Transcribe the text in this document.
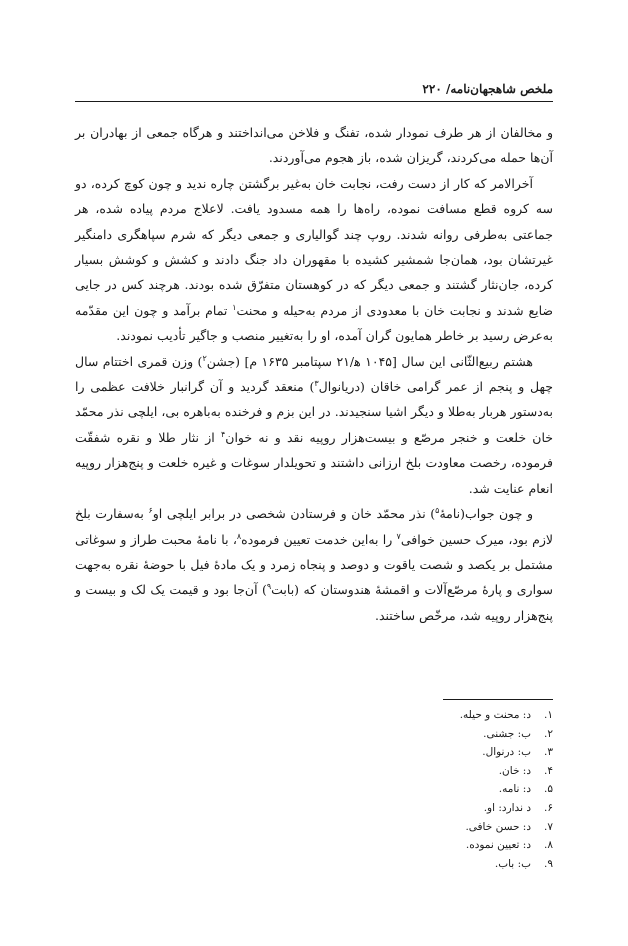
ملخص شاهجهان‌نامه/ ۲۲۰

و مخالفان از هر طرف نمودار شده، تفنگ و فلاخن می‌انداختند و هرگاه جمعی از بهادران بر آن‌ها حمله می‌کردند، گریزان شده، باز هجوم می‌آوردند.

آخرالامر که کار از دست رفت، نجابت خان به‌غیر برگشتن چاره ندید و چون کوچ کرده، دو سه کروه قطع مسافت نموده، راه‌ها را همه مسدود یافت. لاعلاج مردم پیاده شده، هر جماعتی به‌طرفی روانه شدند. روپ چند گوالیاری و جمعی دیگر که شرم سپاهگری دامنگیر غیرتشان بود، همان‌جا شمشیر کشیده با مقهوران داد جنگ دادند و کشش و کوشش بسیار کرده، جان‌نثار گشتند و جمعی دیگر که در کوهستان متفرّق شده بودند. هرچند کس در جایی ضایع شدند و نجابت خان با معدودی از مردم به‌حیله و محنت$^۱$ تمام برآمد و چون این مقدّمه به‌عرض رسید بر خاطر همایون گران آمده، او را به‌تغییر منصب و جاگیر تأدیب نمودند.

هشتم ربیع‌الثّانی این سال [۱۰۴۵ ه‍/۲۱ سپتامبر ۱۶۳۵ م] (جشن$^۲$) وزن قمری اختتام سال چهل و پنجم از عمر گرامی خاقان (دریانوال$^۳$) منعقد گردید و آن گرانبار خلافت عظمی را به‌دستور هربار به‌طلا و دیگر اشیا سنجیدند. در این بزم و فرخنده به‌باهره بی، ایلچی نذر محمّد خان خلعت و خنجر مرصّع و بیست‌هزار روپیه نقد و نه خوان$^۴$ از نثار طلا و نقره شفقّت فرموده، رخصت معاودت بلخ ارزانی داشتند و تحویلدار سوغات و غیره خلعت و پنج‌هزار روپیه انعام عنایت شد.

و چون جواب(نامهٔ$^۵$) نذر محمّد خان و فرستادن شخصی در برابر ایلچی او$^۶$ به‌سفارت بلخ لازم بود، میرک حسین خوافی$^۷$ را به‌این خدمت تعیین فرموده$^۸$، با نامهٔ محبت طراز و سوغاتی مشتمل بر یکصد و شصت یاقوت و دوصد و پنجاه زمرد و یک مادهٔ فیل با حوضهٔ نقره به‌جهت سواری و پارهٔ مرصّع‌آلات و اقمشهٔ هندوستان که (بابت$^۹$) آن‌جا بود و قیمت یک لک و بیست و پنج‌هزار روپیه شد، مرخّص ساختند.

۱.
د: محنت و حیله.
۲.
ب: جشنی.
۳.
ب: درنوال.
۴.
د: خان.
۵.
د: نامه.
۶.
د ندارد: او.
۷.
د: حسن خافی.
۸.
د: تعیین نموده.
۹.
ب: باب.
